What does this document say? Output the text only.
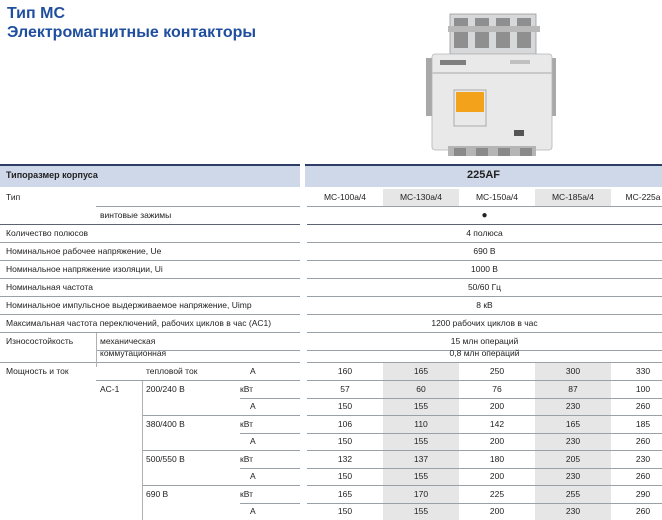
Тип MC
Электромагнитные контакторы
Типоразмер корпуса	225AF
Тип	MC-100a/4	MC-130a/4	MC-150a/4	MC-185a/4	MC-225a
винтовые зажимы	●
Количество полюсов	4 полюса
Номинальное рабочее напряжение, Ue	690 В
Номинальное напряжение изоляции, Ui	1000 В
Номинальная частота	50/60 Гц
Номинальное импульсное выдерживаемое напряжение, Uimp	8 кВ
Максимальная частота переключений, рабочих циклов в час (AC1)	1200 рабочих циклов в час
Износостойкость	механическая	15 млн операций
коммутационная	0,8 млн операций
Мощность и ток	тепловой ток	A	160	165	250	300	330
AC-1	200/240 В	кВт	57	60	76	87	100
A	150	155	200	230	260
380/400 В	кВт	106	110	142	165	185
A	150	155	200	230	260
500/550 В	кВт	132	137	180	205	230
A	150	155	200	230	260
690 В	кВт	165	170	225	255	290
A	150	155	200	230	260
